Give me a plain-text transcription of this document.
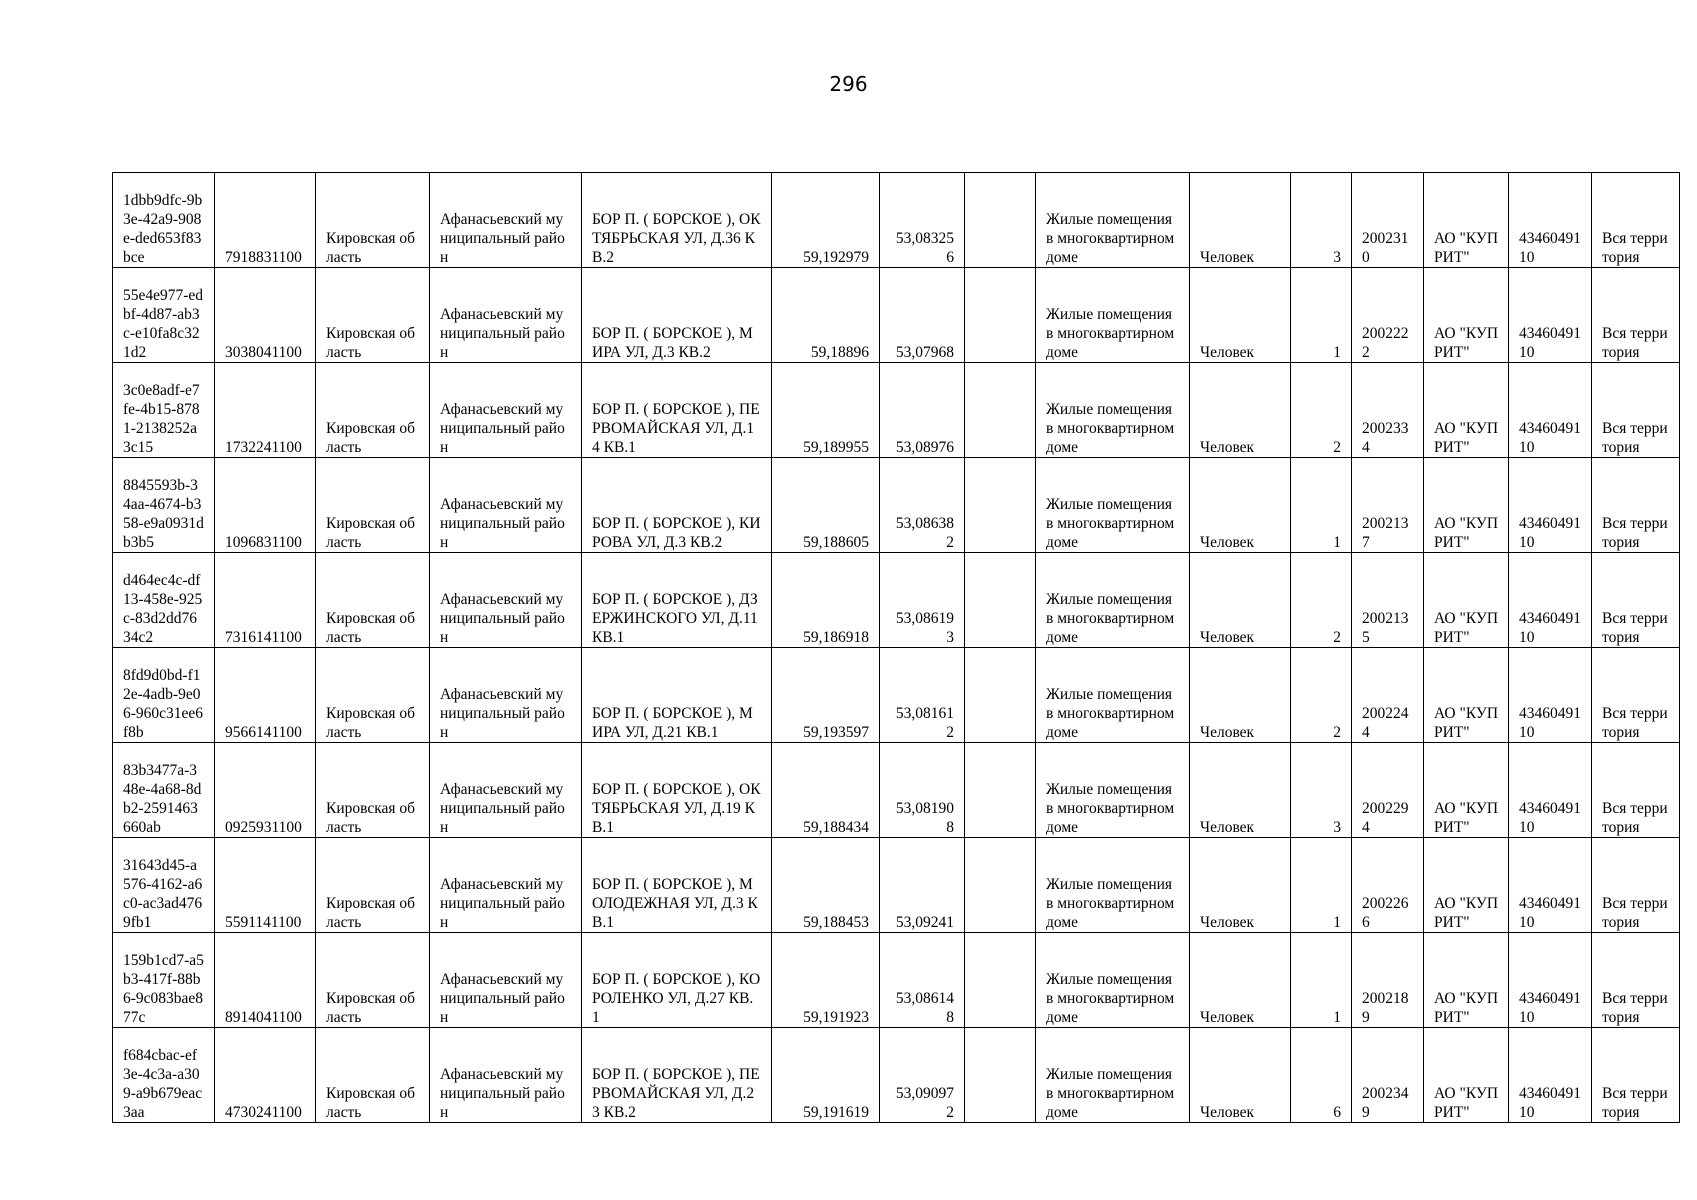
296
1dbb9dfc-9b3e-42a9-908e-ded653f83bce	7918831100	Кировская область	Афанасьевский муниципальный район	БОР П. ( БОРСКОЕ ), ОКТЯБРЬСКАЯ УЛ, Д.36 КВ.2	59,192979	53,083256		Жилые помещения в многоквартирном доме	Человек	3	2002310	АО "КУПРИТ"	4346049110	Вся территория
55e4e977-edbf-4d87-ab3c-e10fa8c321d2	3038041100	Кировская область	Афанасьевский муниципальный район	БОР П. ( БОРСКОЕ ), МИРА УЛ, Д.3 КВ.2	59,18896	53,07968		Жилые помещения в многоквартирном доме	Человек	1	2002222	АО "КУПРИТ"	4346049110	Вся территория
3c0e8adf-e7fe-4b15-8781-2138252a3c15	1732241100	Кировская область	Афанасьевский муниципальный район	БОР П. ( БОРСКОЕ ), ПЕРВОМАЙСКАЯ УЛ, Д.14 КВ.1	59,189955	53,08976		Жилые помещения в многоквартирном доме	Человек	2	2002334	АО "КУПРИТ"	4346049110	Вся территория
8845593b-34aa-4674-b358-e9a0931db3b5	1096831100	Кировская область	Афанасьевский муниципальный район	БОР П. ( БОРСКОЕ ), КИРОВА УЛ, Д.3 КВ.2	59,188605	53,086382		Жилые помещения в многоквартирном доме	Человек	1	2002137	АО "КУПРИТ"	4346049110	Вся территория
d464ec4c-df13-458e-925c-83d2dd7634c2	7316141100	Кировская область	Афанасьевский муниципальный район	БОР П. ( БОРСКОЕ ), ДЗЕРЖИНСКОГО УЛ, Д.11 КВ.1	59,186918	53,086193		Жилые помещения в многоквартирном доме	Человек	2	2002135	АО "КУПРИТ"	4346049110	Вся территория
8fd9d0bd-f12e-4adb-9e06-960c31ee6f8b	9566141100	Кировская область	Афанасьевский муниципальный район	БОР П. ( БОРСКОЕ ), МИРА УЛ, Д.21 КВ.1	59,193597	53,081612		Жилые помещения в многоквартирном доме	Человек	2	2002244	АО "КУПРИТ"	4346049110	Вся территория
83b3477a-348e-4a68-8db2-2591463660ab	0925931100	Кировская область	Афанасьевский муниципальный район	БОР П. ( БОРСКОЕ ), ОКТЯБРЬСКАЯ УЛ, Д.19 КВ.1	59,188434	53,081908		Жилые помещения в многоквартирном доме	Человек	3	2002294	АО "КУПРИТ"	4346049110	Вся территория
31643d45-a576-4162-a6c0-ac3ad4769fb1	5591141100	Кировская область	Афанасьевский муниципальный район	БОР П. ( БОРСКОЕ ), МОЛОДЕЖНАЯ УЛ, Д.3 КВ.1	59,188453	53,09241		Жилые помещения в многоквартирном доме	Человек	1	2002266	АО "КУПРИТ"	4346049110	Вся территория
159b1cd7-a5b3-417f-88b6-9c083bae877c	8914041100	Кировская область	Афанасьевский муниципальный район	БОР П. ( БОРСКОЕ ), КОРОЛЕНКО УЛ, Д.27 КВ.1	59,191923	53,086148		Жилые помещения в многоквартирном доме	Человек	1	2002189	АО "КУПРИТ"	4346049110	Вся территория
f684cbac-ef3e-4c3a-a309-a9b679eac3aa	4730241100	Кировская область	Афанасьевский муниципальный район	БОР П. ( БОРСКОЕ ), ПЕРВОМАЙСКАЯ УЛ, Д.23 КВ.2	59,191619	53,090972		Жилые помещения в многоквартирном доме	Человек	6	2002349	АО "КУПРИТ"	4346049110	Вся территория
